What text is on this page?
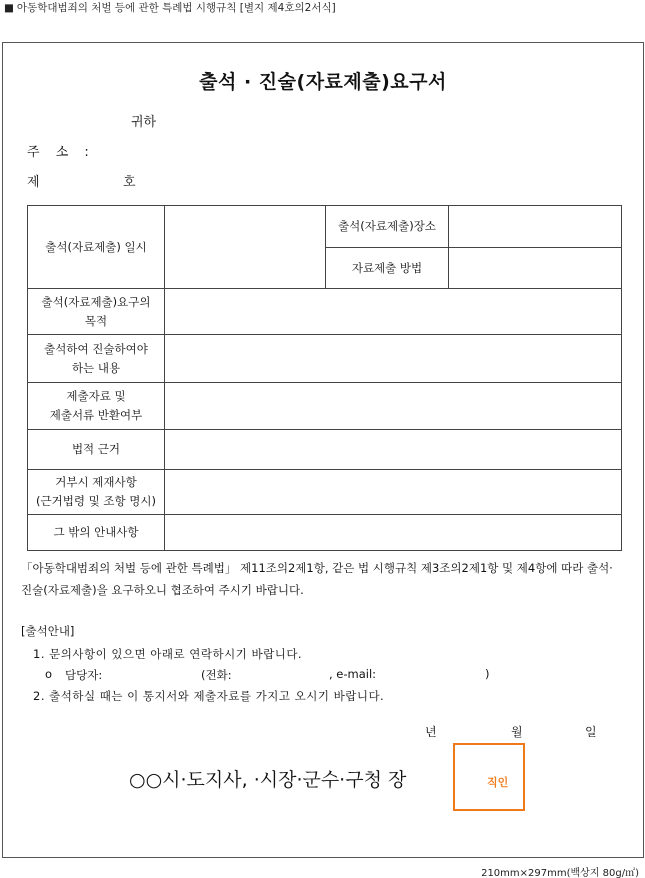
■ 아동학대범죄의 처벌 등에 관한 특례법 시행규칙 [별지 제4호의2서식]
출석 · 진술(자료제출)요구서
귀하
주 소 :
제	호
출석(자료제출) 일시		출석(자료제출)장소	
		자료제출 방법	

출석(자료제출)요구의
목적			

출석하여 진술하여야
하는 내용			

제출자료 및
제출서류 반환여부			

법적 근거			

거부시 제재사항
(근거법령 및 조항 명시)			

그 밖의 안내사항			
「아동학대범죄의 처벌 등에 관한 특례법」 제11조의2제1항, 같은 법 시행규칙 제3조의2제1항 및 제4항에 따라 출석·진술(자료제출)을 요구하오니 협조하여 주시기 바랍니다.
[출석안내]
1. 문의사항이 있으면 아래로 연락하시기 바랍니다.
o 담당자:	(전화:	, e-mail:	)
2. 출석하실 때는 이 통지서와 제출자료를 가지고 오시기 바랍니다.
년	월	일
○○시·도지사, ·시장·군수·구청 장	직인
210mm×297mm(백상지 80g/㎡)
